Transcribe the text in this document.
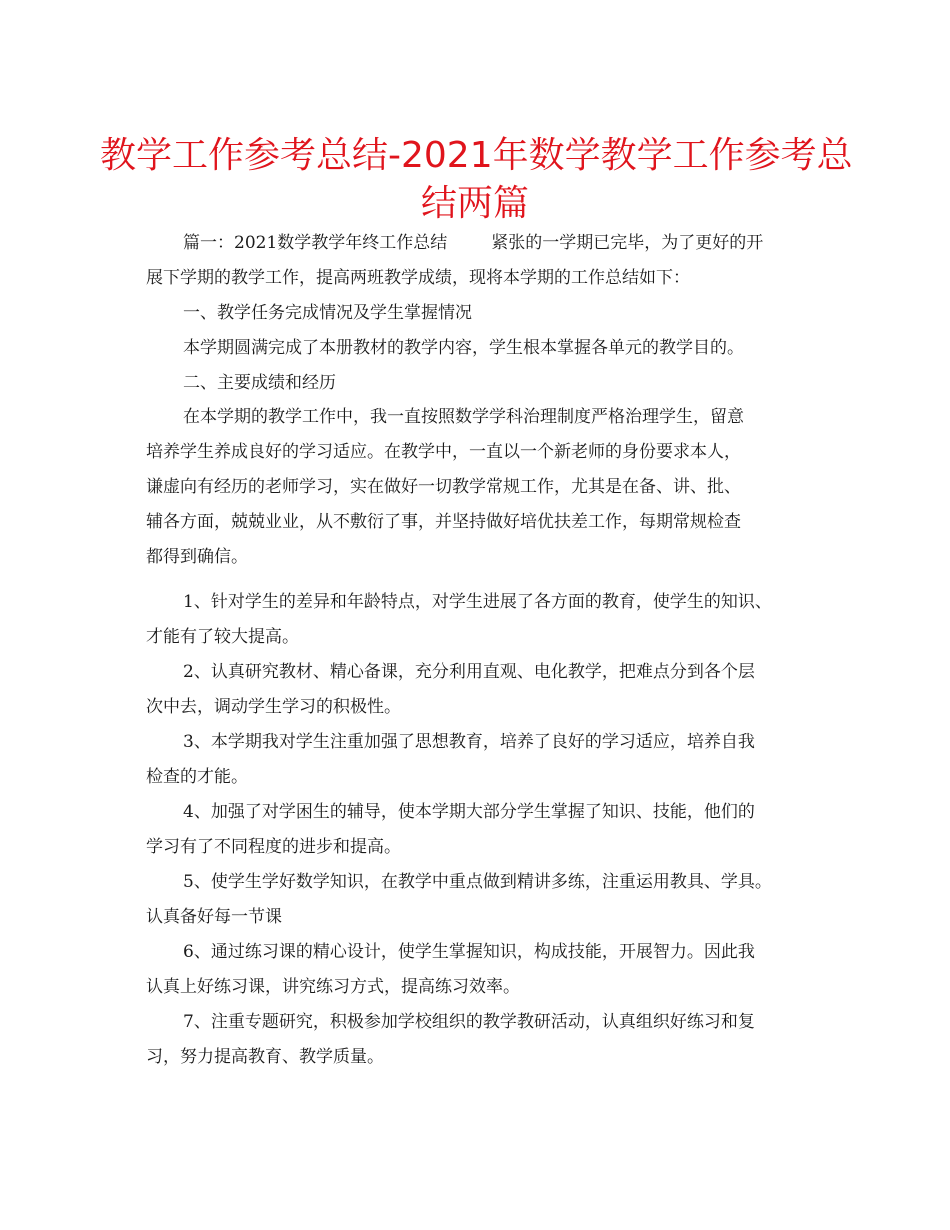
教学工作参考总结-2021年数学教学工作参考总
结两篇
篇一：2021数学教学年终工作总结	紧张的一学期已完毕，为了更好的开
展下学期的教学工作，提高两班教学成绩，现将本学期的工作总结如下：
一、教学任务完成情况及学生掌握情况
本学期圆满完成了本册教材的教学内容，学生根本掌握各单元的教学目的。
二、主要成绩和经历
在本学期的教学工作中，我一直按照数学学科治理制度严格治理学生，留意
培养学生养成良好的学习适应。在教学中，一直以一个新老师的身份要求本人，
谦虚向有经历的老师学习，实在做好一切教学常规工作，尤其是在备、讲、批、
辅各方面，兢兢业业，从不敷衍了事，并坚持做好培优扶差工作，每期常规检查
都得到确信。
1、针对学生的差异和年龄特点，对学生进展了各方面的教育，使学生的知识、
才能有了较大提高。
2、认真研究教材、精心备课，充分利用直观、电化教学，把难点分到各个层
次中去，调动学生学习的积极性。
3、本学期我对学生注重加强了思想教育，培养了良好的学习适应，培养自我
检查的才能。
4、加强了对学困生的辅导，使本学期大部分学生掌握了知识、技能，他们的
学习有了不同程度的进步和提高。
5、使学生学好数学知识，在教学中重点做到精讲多练，注重运用教具、学具。
认真备好每一节课
6、通过练习课的精心设计，使学生掌握知识，构成技能，开展智力。因此我
认真上好练习课，讲究练习方式，提高练习效率。
7、注重专题研究，积极参加学校组织的教学教研活动，认真组织好练习和复
习，努力提高教育、教学质量。
